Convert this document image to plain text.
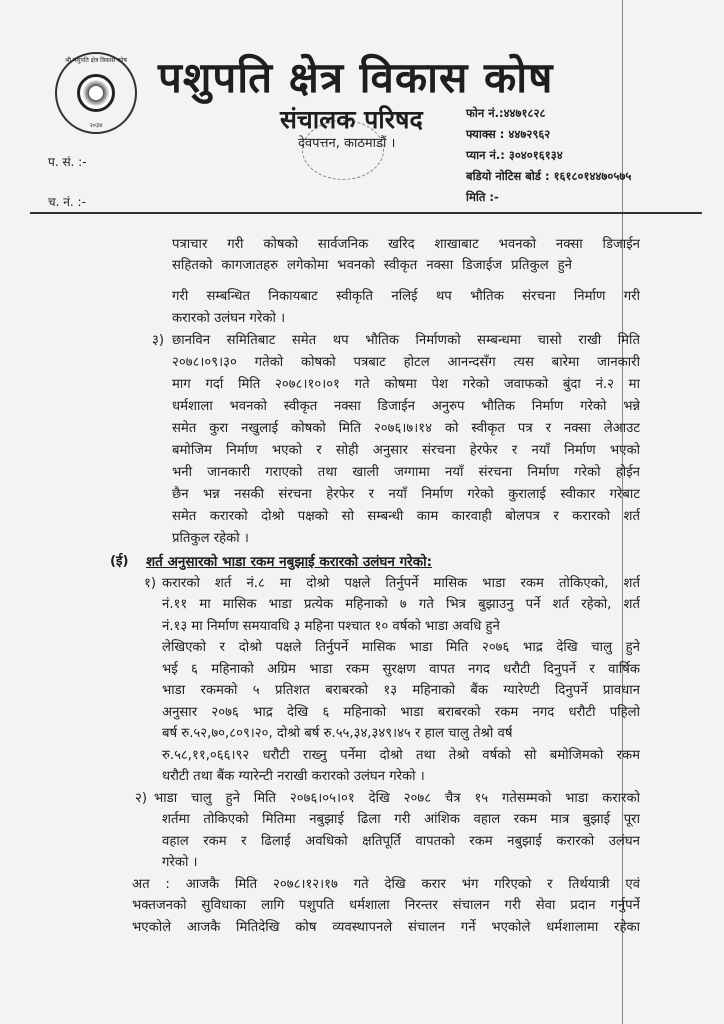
श्री पशुपति क्षेत्र विकास कोष
२०३४
पशुपति क्षेत्र विकास कोष
संचालक परिषद
देवपत्तन, काठमाडौं ।
फोन नं.:४४७१८२८
फ्याक्स : ४४७२९६२
प्यान नं.: ३०४०१६१३४
बडियो नोटिस बोर्ड : १६१८०१४४७०५७५
मिति :-
प. सं. :-
च. नं. :-
३)
(ई) शर्त अनुसारको भाडा रकम नबुझाई करारको उलंघन गरेको:
१)
२)
पत्राचार गरी कोषको सार्वजनिक खरिद शाखाबाट भवनको नक्सा डिजाईन
सहितको कागजातहरु लगेकोमा भवनको स्वीकृत नक्सा डिजाईज प्रतिकुल हुने
गरी सम्बन्धित निकायबाट स्वीकृति नलिई थप भौतिक संरचना निर्माण गरी
करारको उलंघन गरेको ।
छानविन समितिबाट समेत थप भौतिक निर्माणको सम्बन्धमा चासो राखी मिति
२०७८।०९।३० गतेको कोषको पत्रबाट होटल आनन्दसँग त्यस बारेमा जानकारी
माग गर्दा मिति २०७८।१०।०१ गते कोषमा पेश गरेको जवाफको बुंदा नं.२ मा
धर्मशाला भवनको स्वीकृत नक्सा डिजाईन अनुरुप भौतिक निर्माण गरेको भन्ने
समेत कुरा नखुलाई कोषको मिति २०७६।७।१४ को स्वीकृत पत्र र नक्सा लेआउट
बमोजिम निर्माण भएको र सोही अनुसार संरचना हेरफेर र नयाँ निर्माण भएको
भनी जानकारी गराएको तथा खाली जग्गामा नयाँ संरचना निर्माण गरेको होईन
छैन भन्न नसकी संरचना हेरफेर र नयाँ निर्माण गरेको कुरालाई स्वीकार गरेबाट
समेत करारको दोश्रो पक्षको सो सम्बन्धी काम कारवाही बोलपत्र र करारको शर्त
प्रतिकुल रहेको ।
करारको शर्त नं.८ मा दोश्रो पक्षले तिर्नुपर्ने मासिक भाडा रकम तोकिएको, शर्त
नं.११ मा मासिक भाडा प्रत्येक महिनाको ७ गते भित्र बुझाउनु पर्ने शर्त रहेको, शर्त
नं.१३ मा निर्माण समयावधि ३ महिना पश्चात १० वर्षको भाडा अवधि हुने
लेखिएको र दोश्रो पक्षले तिर्नुपर्ने मासिक भाडा मिति २०७६ भाद्र देखि चालु हुने
भई ६ महिनाको अग्रिम भाडा रकम सुरक्षण वापत नगद धरौटी दिनुपर्ने र वार्षिक
भाडा रकमको ५ प्रतिशत बराबरको १३ महिनाको बैंक ग्यारेण्टी दिनुपर्ने प्रावधान
अनुसार २०७६ भाद्र देखि ६ महिनाको भाडा बराबरको रकम नगद धरौटी पहिलो
बर्ष रु.५२,७०,८०९।२०, दोश्रो बर्ष रु.५५,३४,३४९।४५ र हाल चालु तेश्रो वर्ष
रु.५८,११,०६६।९२ धरौटी राख्नु पर्नेमा दोश्रो तथा तेश्रो वर्षको सो बमोजिमको रकम
धरौटी तथा बैंक ग्यारेन्टी नराखी करारको उलंघन गरेको ।
भाडा चालु हुने मिति २०७६।०५।०१ देखि २०७८ चैत्र १५ गतेसम्मको भाडा करारको
शर्तमा तोकिएको मितिमा नबुझाई ढिला गरी आंशिक वहाल रकम मात्र बुझाई पूरा
वहाल रकम र ढिलाई अवधिको क्षतिपूर्ति वापतको रकम नबुझाई करारको उलंघन
गरेको ।
अत : आजकै मिति २०७८।१२।१७ गते देखि करार भंग गरिएको र तिर्थयात्री एवं
भक्तजनको सुविधाका लागि पशुपति धर्मशाला निरन्तर संचालन गरी सेवा प्रदान गर्नुपर्ने
भएकोले आजकै मितिदेखि कोष व्यवस्थापनले संचालन गर्ने भएकोले धर्मशालामा रहेका
